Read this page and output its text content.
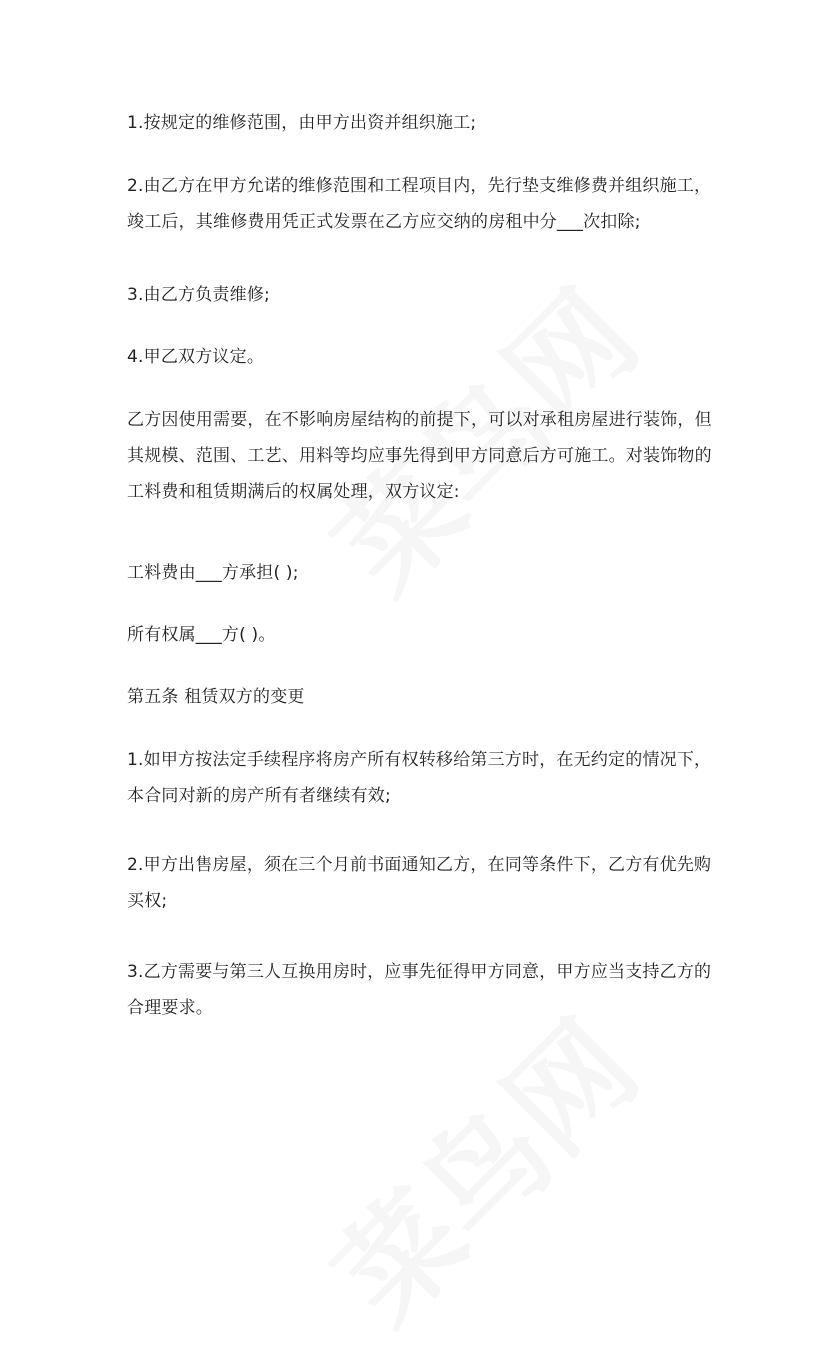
1.按规定的维修范围，由甲方出资并组织施工;

2.由乙方在甲方允诺的维修范围和工程项目内，先行垫支维修费并组织施工，
竣工后，其维修费用凭正式发票在乙方应交纳的房租中分___次扣除;

3.由乙方负责维修;

4.甲乙双方议定。

乙方因使用需要，在不影响房屋结构的前提下，可以对承租房屋进行装饰，但
其规模、范围、工艺、用料等均应事先得到甲方同意后方可施工。对装饰物的
工料费和租赁期满后的权属处理，双方议定:

工料费由___方承担( );

所有权属___方( )。

第五条 租赁双方的变更

1.如甲方按法定手续程序将房产所有权转移给第三方时，在无约定的情况下，
本合同对新的房产所有者继续有效;

2.甲方出售房屋，须在三个月前书面通知乙方，在同等条件下，乙方有优先购
买权;

3.乙方需要与第三人互换用房时，应事先征得甲方同意，甲方应当支持乙方的
合理要求。
